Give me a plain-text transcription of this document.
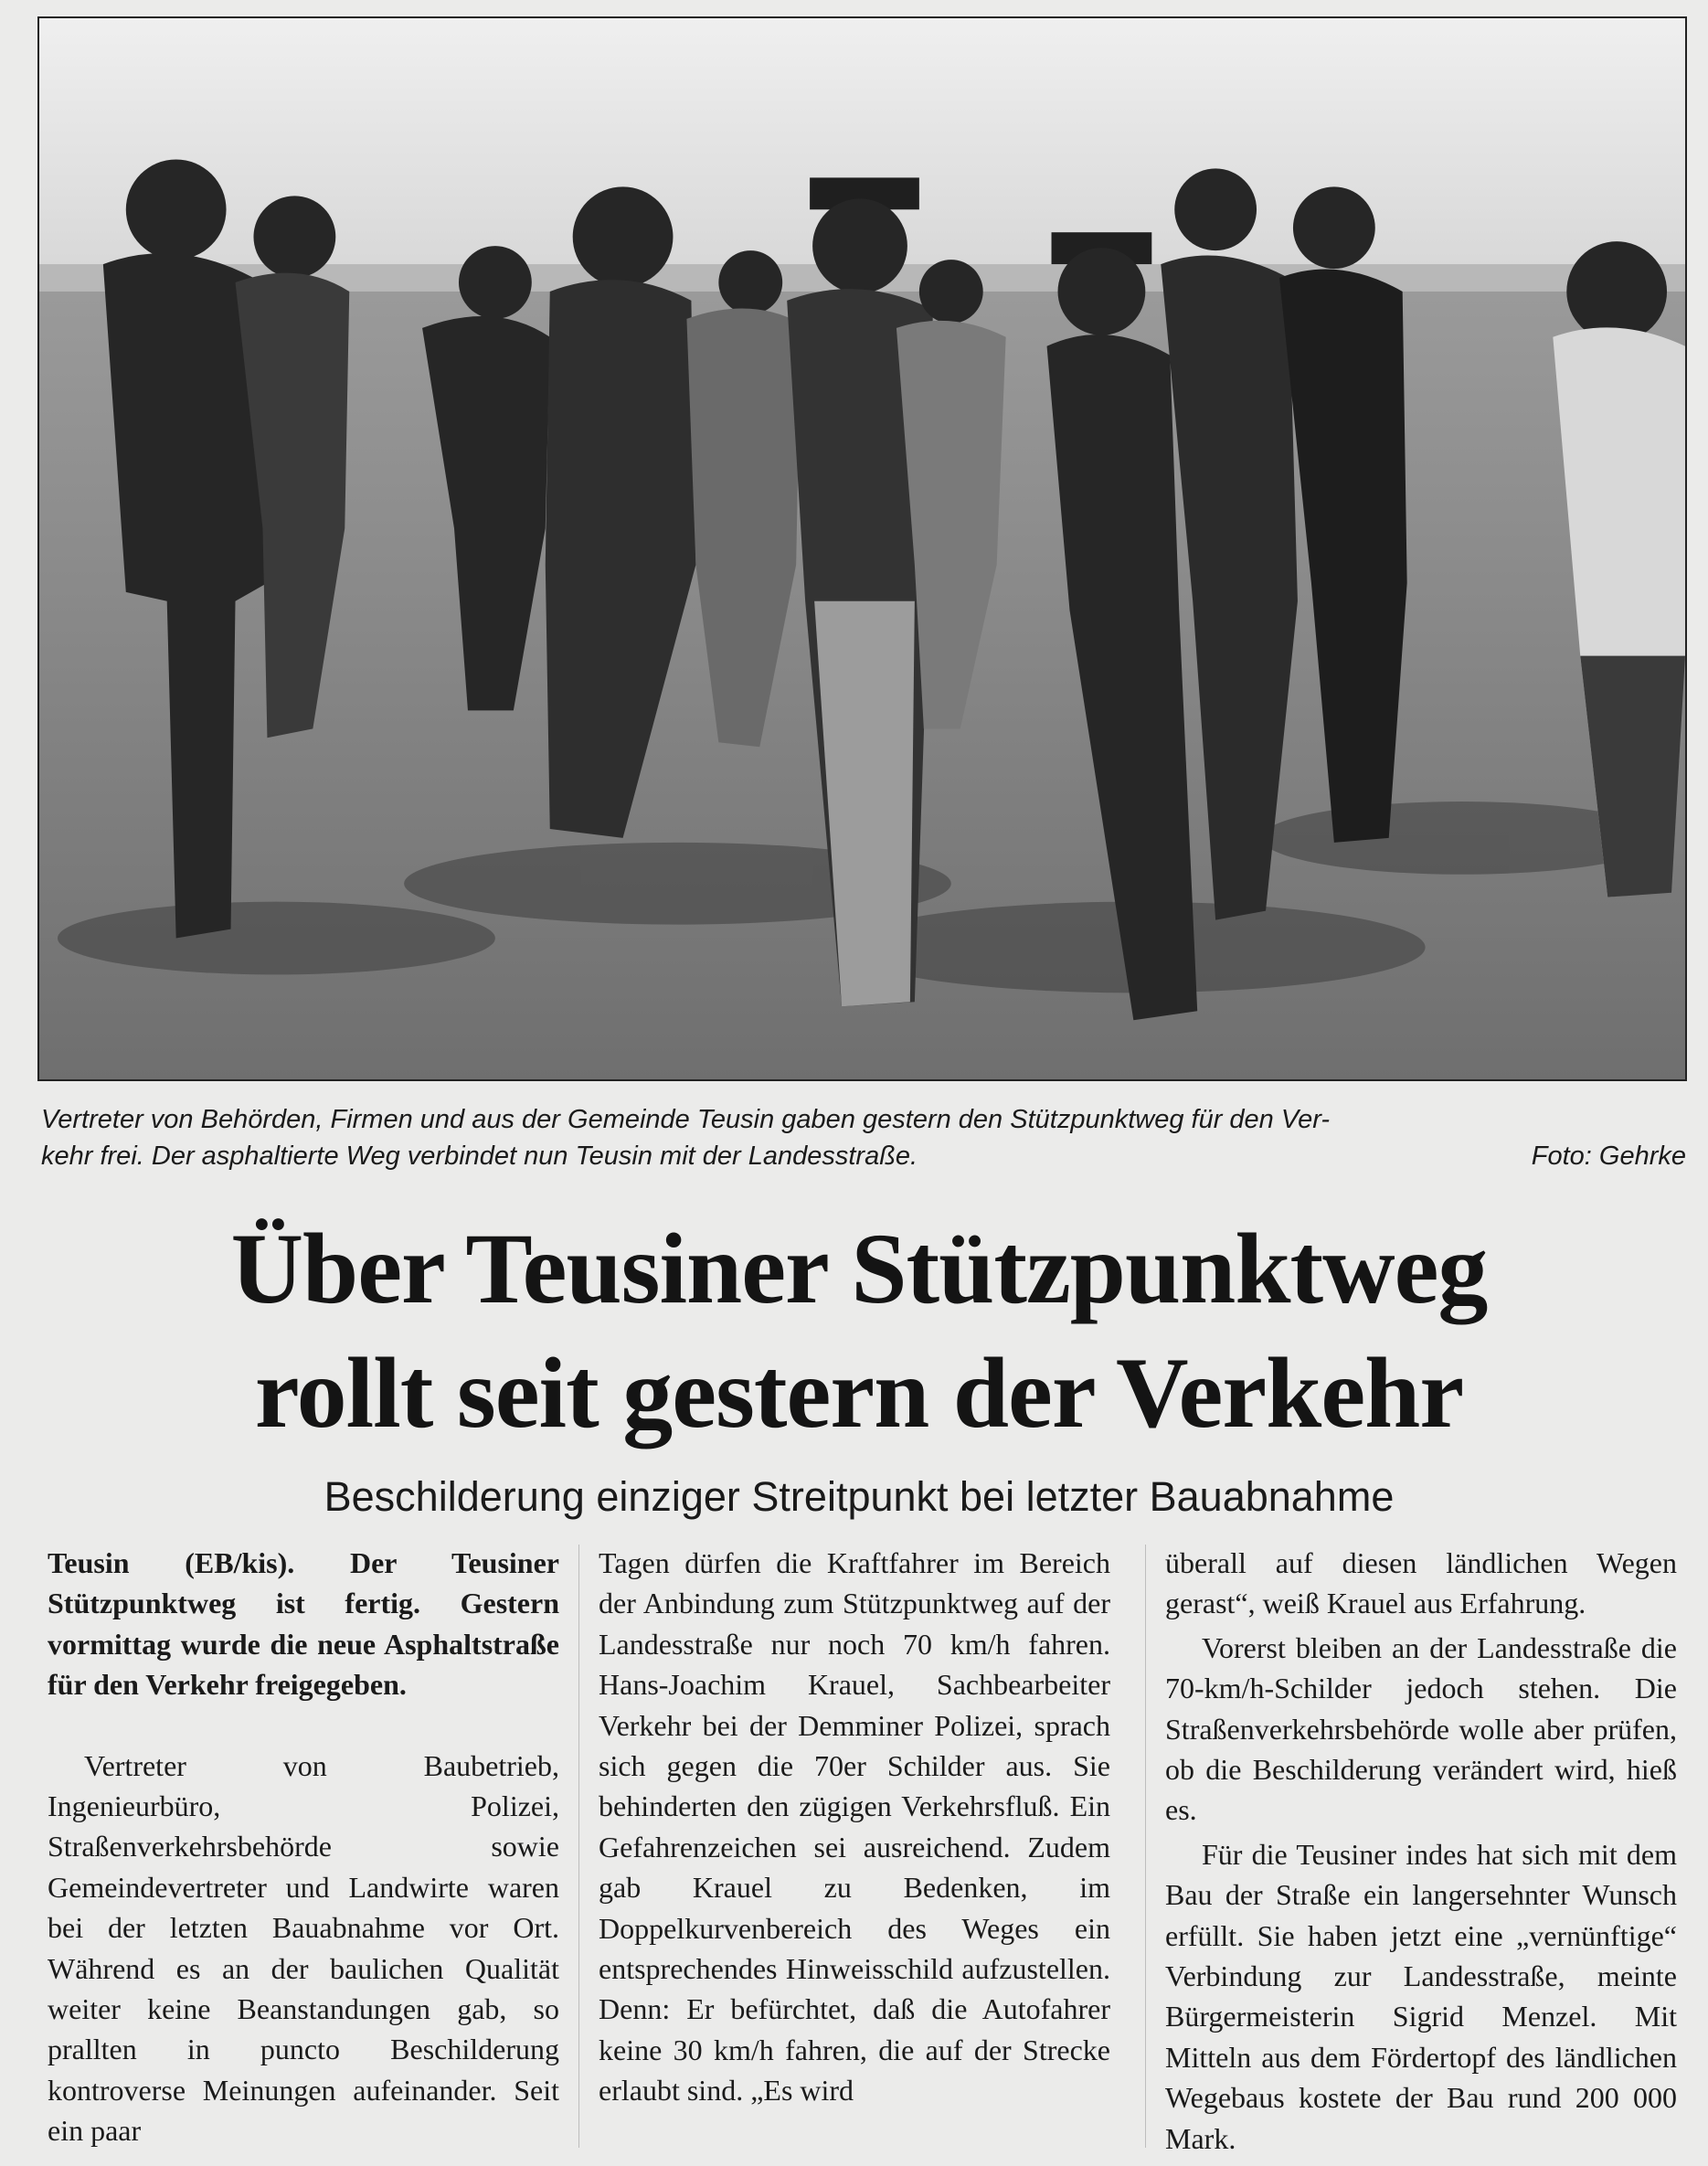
Vertreter von Behörden, Firmen und aus der Gemeinde Teusin gaben gestern den Stützpunktweg für den Ver-
kehr frei. Der asphaltierte Weg verbindet nun Teusin mit der Landesstraße.	Foto: Gehrke
Über Teusiner Stützpunktweg
rollt seit gestern der Verkehr
Beschilderung einziger Streitpunkt bei letzter Bauabnahme

Teusin (EB/kis). Der Teusiner Stützpunktweg ist fertig. Gestern vormittag wurde die neue Asphaltstraße für den Verkehr freigegeben.

Vertreter von Baubetrieb, Ingenieurbüro, Polizei, Straßenverkehrsbehörde sowie Gemeindevertreter und Landwirte waren bei der letzten Bauabnahme vor Ort. Während es an der baulichen Qualität weiter keine Beanstandungen gab, so prallten in puncto Beschilderung kontroverse Meinungen aufeinander. Seit ein paar

Tagen dürfen die Kraftfahrer im Bereich der Anbindung zum Stützpunktweg auf der Landesstraße nur noch 70 km/h fahren. Hans-Joachim Krauel, Sachbearbeiter Verkehr bei der Demminer Polizei, sprach sich gegen die 70er Schilder aus. Sie behinderten den zügigen Verkehrsfluß. Ein Gefahrenzeichen sei ausreichend. Zudem gab Krauel zu Bedenken, im Doppelkurvenbereich des Weges ein entsprechendes Hinweisschild aufzustellen. Denn: Er befürchtet, daß die Autofahrer keine 30 km/h fahren, die auf der Strecke erlaubt sind. „Es wird

überall auf diesen ländlichen Wegen gerast“, weiß Krauel aus Erfahrung.

Vorerst bleiben an der Landesstraße die 70-km/h-Schilder jedoch stehen. Die Straßenverkehrsbehörde wolle aber prüfen, ob die Beschilderung verändert wird, hieß es.

Für die Teusiner indes hat sich mit dem Bau der Straße ein langersehnter Wunsch erfüllt. Sie haben jetzt eine „vernünftige“ Verbindung zur Landesstraße, meinte Bürgermeisterin Sigrid Menzel. Mit Mitteln aus dem Fördertopf des ländlichen Wegebaus kostete der Bau rund 200 000 Mark.
